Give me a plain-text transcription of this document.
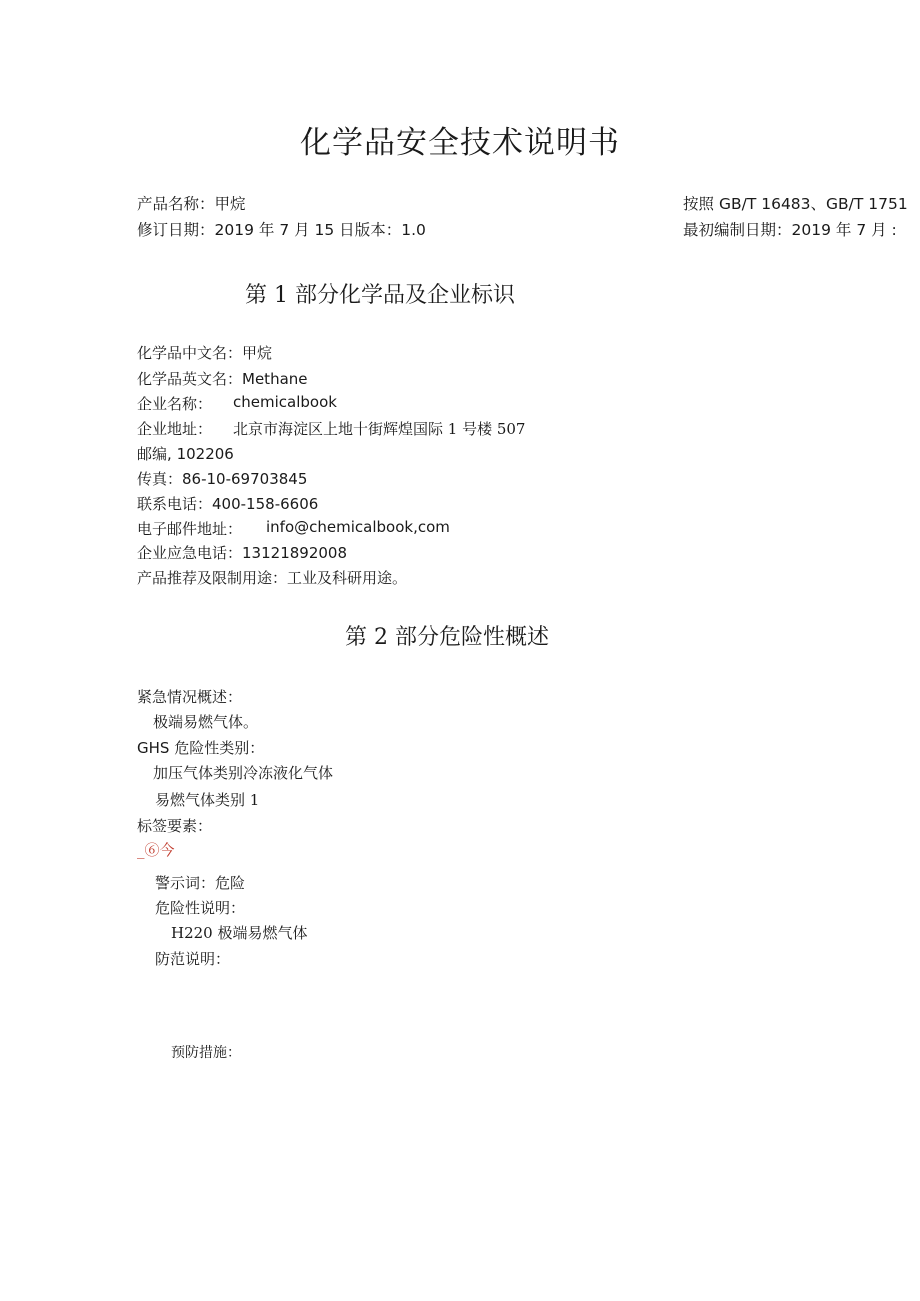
化学品安全技术说明书
产品名称：甲烷	按照 GB/T 16483、GB/T 1751
修订日期：2019 年 7 月 15 日版本：1.0	最初编制日期：2019 年 7 月 :
第 1 部分化学品及企业标识
化学品中文名：甲烷
化学品英文名：Methane
企业名称： chemicalbook
企业地址： 北京市海淀区上地十街辉煌国际 1 号楼 507
邮编, 102206
传真：86-10-69703845
联系电话：400-158-6606
电子邮件地址： info@chemicalbook,com
企业应急电话：13121892008
产品推荐及限制用途：工业及科研用途。
第 2 部分危险性概述
紧急情况概述：
极端易燃气体。
GHS 危险性类别：
加压气体类别冷冻液化气体
易燃气体类别 1
标签要素：
_⑥今
警示词：危险
危险性说明：
H220 极端易燃气体
防范说明：
预防措施：
